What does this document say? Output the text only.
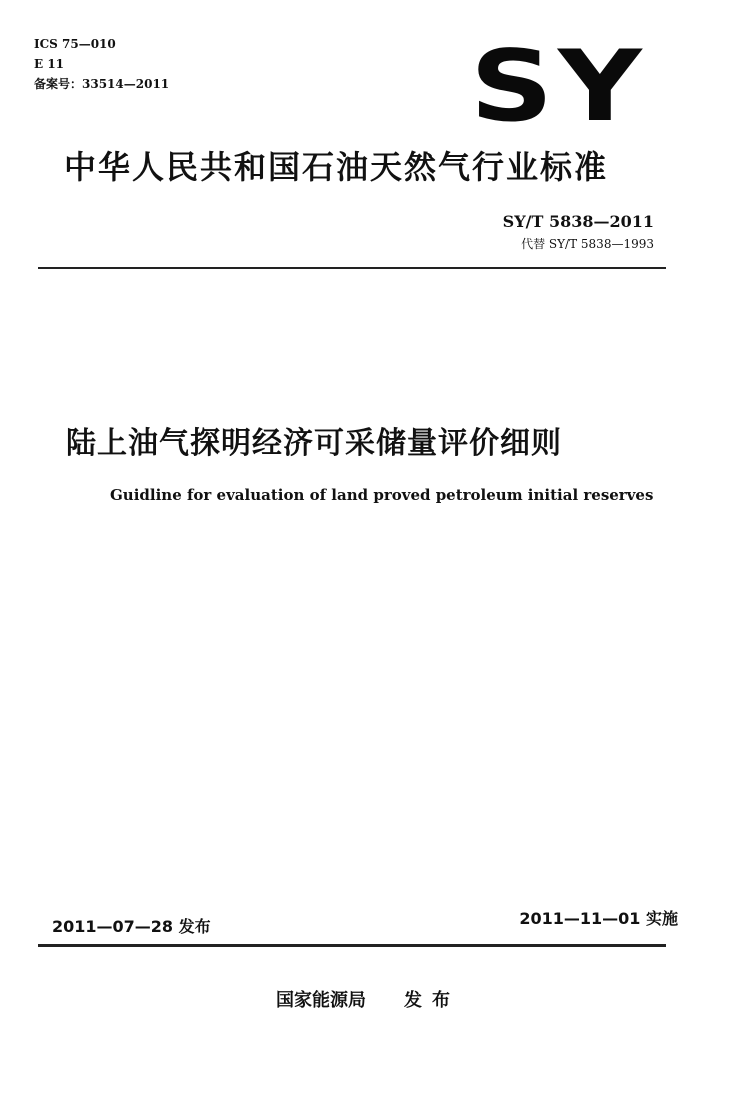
ICS 75—010
E 11
备案号：33514—2011	SY
中华人民共和国石油天然气行业标准
SY/T 5838—2011
代替 SY/T 5838—1993
陆上油气探明经济可采储量评价细则
Guidline for evaluation of land proved petroleum initial reserves
2011—07—28 发布	2011—11—01 实施
国家能源局 发布
